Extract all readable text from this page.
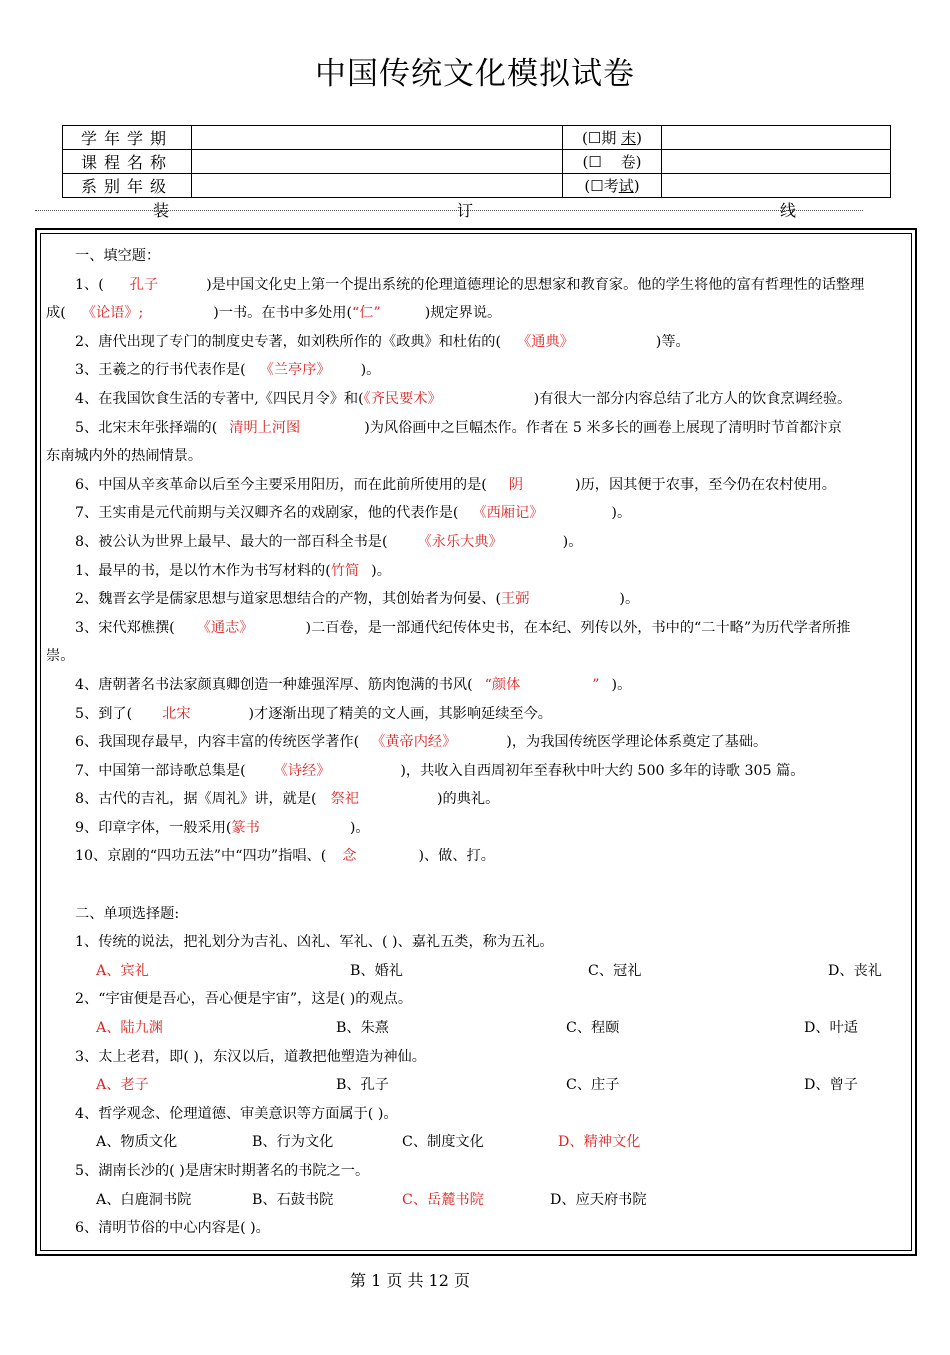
中国传统文化模拟试卷
学年学期		(☐期 末)	
课程名称		(☐ 卷)	
系别年级		(☐考试)	
装	订	线
一、填空题：
1、( 孔子	)是中国文化史上第一个提出系统的伦理道德理论的思想家和教育家。他的学生将他的富有哲理性的话整理
成( 《论语》;	)一书。在书中多处用(“仁”	)规定界说。
2、唐代出现了专门的制度史专著，如刘秩所作的《政典》和杜佑的( 《通典》	)等。
3、王羲之的行书代表作是( 《兰亭序》 )。
4、在我国饮食生活的专著中,《四民月令》和(《齐民要术》	)有很大一部分内容总结了北方人的饮食烹调经验。
5、北宋末年张择端的( 清明上河图	)为风俗画中之巨幅杰作。作者在 5 米多长的画卷上展现了清明时节首都汴京
东南城内外的热闹情景。
6、中国从辛亥革命以后至今主要采用阳历，而在此前所使用的是( 阴	)历，因其便于农事，至今仍在农村使用。
7、王实甫是元代前期与关汉卿齐名的戏剧家，他的代表作是( 《西厢记》	)。
8、被公认为世界上最早、最大的一部百科全书是( 《永乐大典》	)。
1、最早的书，是以竹木作为书写材料的(竹简 )。
2、魏晋玄学是儒家思想与道家思想结合的产物，其创始者为何晏、(王弼	)。
3、宋代郑樵撰( 《通志》	)二百卷，是一部通代纪传体史书，在本纪、列传以外，书中的“二十略”为历代学者所推
崇。
4、唐朝著名书法家颜真卿创造一种雄强浑厚、筋肉饱满的书风( “颜体	” )。
5、到了( 北宋	)才逐渐出现了精美的文人画，其影响延续至今。
6、我国现存最早，内容丰富的传统医学著作( 《黄帝内经》	)，为我国传统医学理论体系奠定了基础。
7、中国第一部诗歌总集是( 《诗经》	)，共收入自西周初年至春秋中叶大约 500 多年的诗歌 305 篇。
8、古代的吉礼，据《周礼》讲，就是( 祭祀	)的典礼。
9、印章字体，一般采用(篆书	)。
10、京剧的“四功五法”中“四功”指唱、( 念	)、做、打。
二、单项选择题:
1、传统的说法，把礼划分为吉礼、凶礼、军礼、( )、嘉礼五类，称为五礼。
A、宾礼	B、婚礼	C、冠礼	D、丧礼
2、“宇宙便是吾心，吾心便是宇宙”，这是( )的观点。
A、陆九渊	B、朱熹	C、程颐	D、叶适
3、太上老君，即( )，东汉以后，道教把他塑造为神仙。
A、老子	B、孔子	C、庄子	D、曾子
4、哲学观念、伦理道德、审美意识等方面属于( )。
A、物质文化	B、行为文化	C、制度文化	D、精神文化
5、湖南长沙的( )是唐宋时期著名的书院之一。
A、白鹿洞书院	B、石鼓书院	C、岳麓书院	D、应天府书院
6、清明节俗的中心内容是( )。
第 1 页 共 12 页
